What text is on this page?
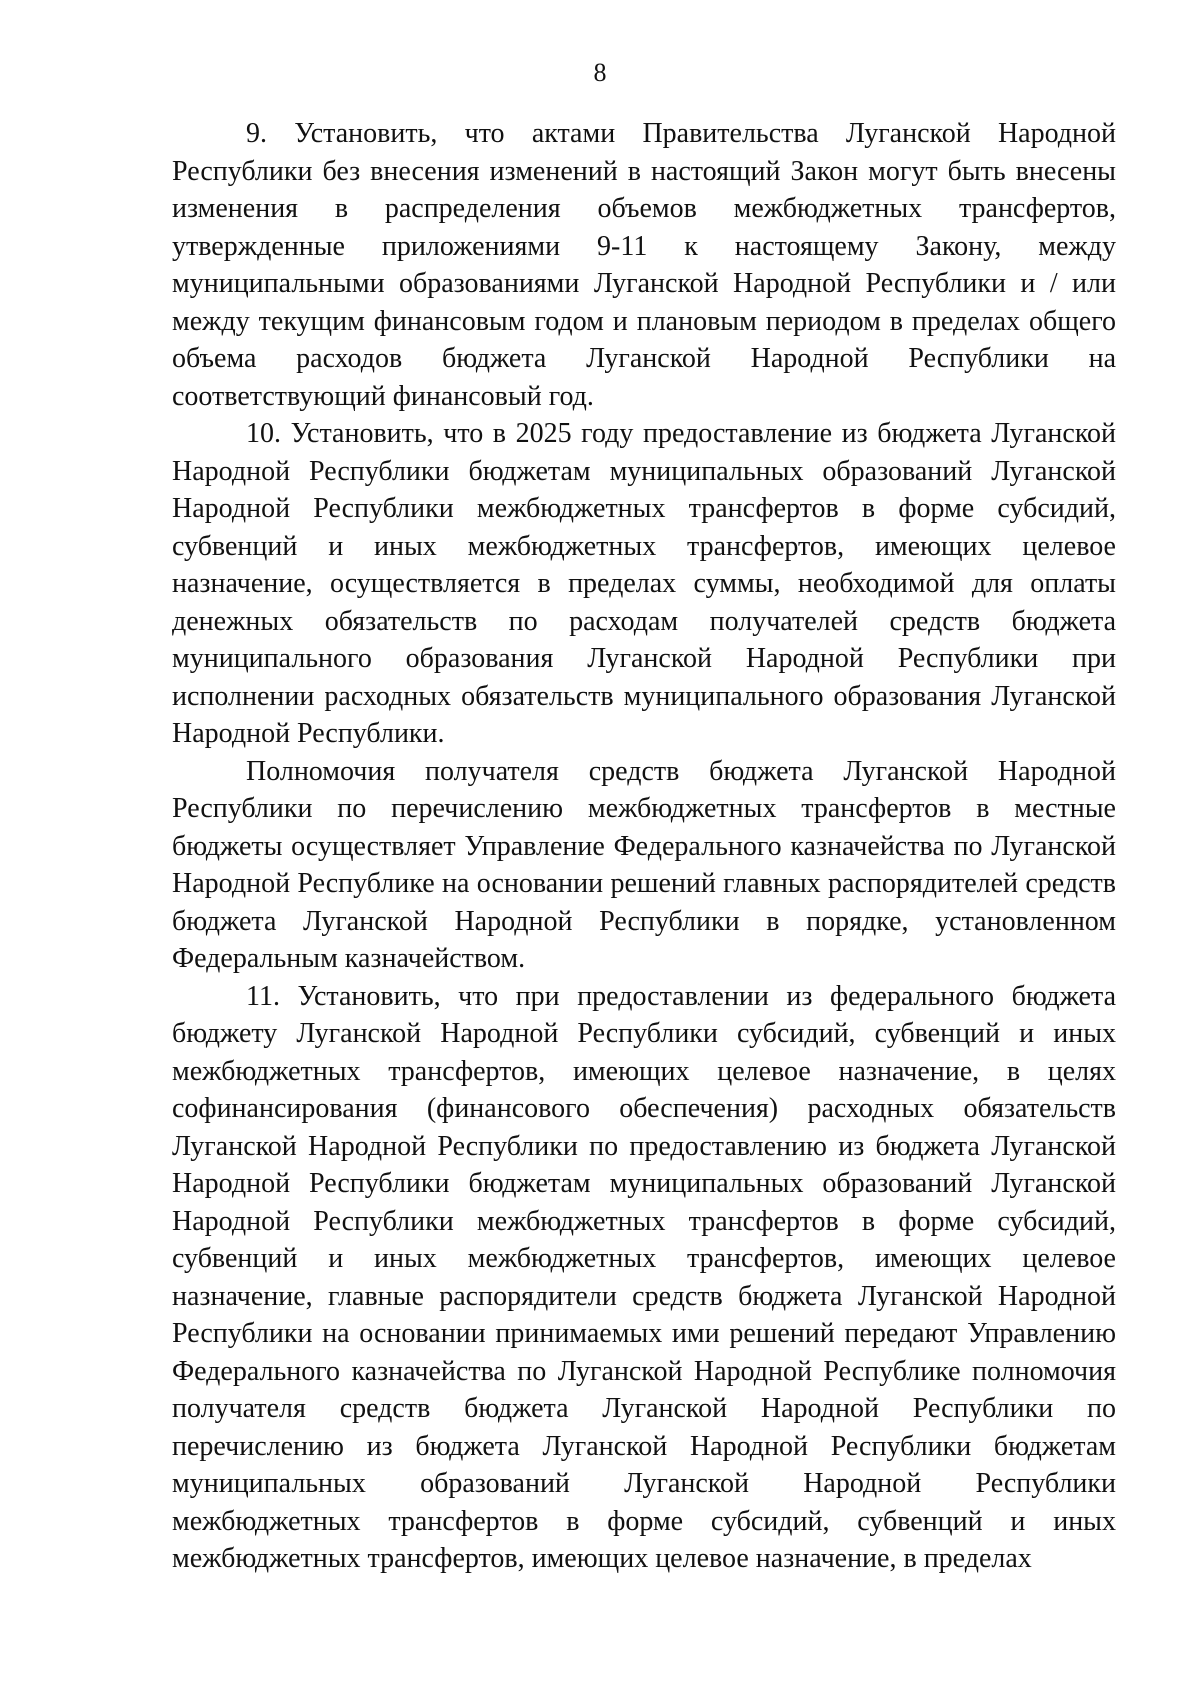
8

9. Установить, что актами Правительства Луганской Народной Республики без внесения изменений в настоящий Закон могут быть внесены изменения в распределения объемов межбюджетных трансфертов, утвержденные приложениями 9-11 к настоящему Закону, между муниципальными образованиями Луганской Народной Республики и / или между текущим финансовым годом и плановым периодом в пределах общего объема расходов бюджета Луганской Народной Республики на соответствующий финансовый год.

10. Установить, что в 2025 году предоставление из бюджета Луганской Народной Республики бюджетам муниципальных образований Луганской Народной Республики межбюджетных трансфертов в форме субсидий, субвенций и иных межбюджетных трансфертов, имеющих целевое назначение, осуществляется в пределах суммы, необходимой для оплаты денежных обязательств по расходам получателей средств бюджета муниципального образования Луганской Народной Республики при исполнении расходных обязательств муниципального образования Луганской Народной Республики.

Полномочия получателя средств бюджета Луганской Народной Республики по перечислению межбюджетных трансфертов в местные бюджеты осуществляет Управление Федерального казначейства по Луганской Народной Республике на основании решений главных распорядителей средств бюджета Луганской Народной Республики в порядке, установленном Федеральным казначейством.

11. Установить, что при предоставлении из федерального бюджета бюджету Луганской Народной Республики субсидий, субвенций и иных межбюджетных трансфертов, имеющих целевое назначение, в целях софинансирования (финансового обеспечения) расходных обязательств Луганской Народной Республики по предоставлению из бюджета Луганской Народной Республики бюджетам муниципальных образований Луганской Народной Республики межбюджетных трансфертов в форме субсидий, субвенций и иных межбюджетных трансфертов, имеющих целевое назначение, главные распорядители средств бюджета Луганской Народной Республики на основании принимаемых ими решений передают Управлению Федерального казначейства по Луганской Народной Республике полномочия получателя средств бюджета Луганской Народной Республики по перечислению из бюджета Луганской Народной Республики бюджетам муниципальных образований Луганской Народной Республики межбюджетных трансфертов в форме субсидий, субвенций и иных межбюджетных трансфертов, имеющих целевое назначение, в пределах
